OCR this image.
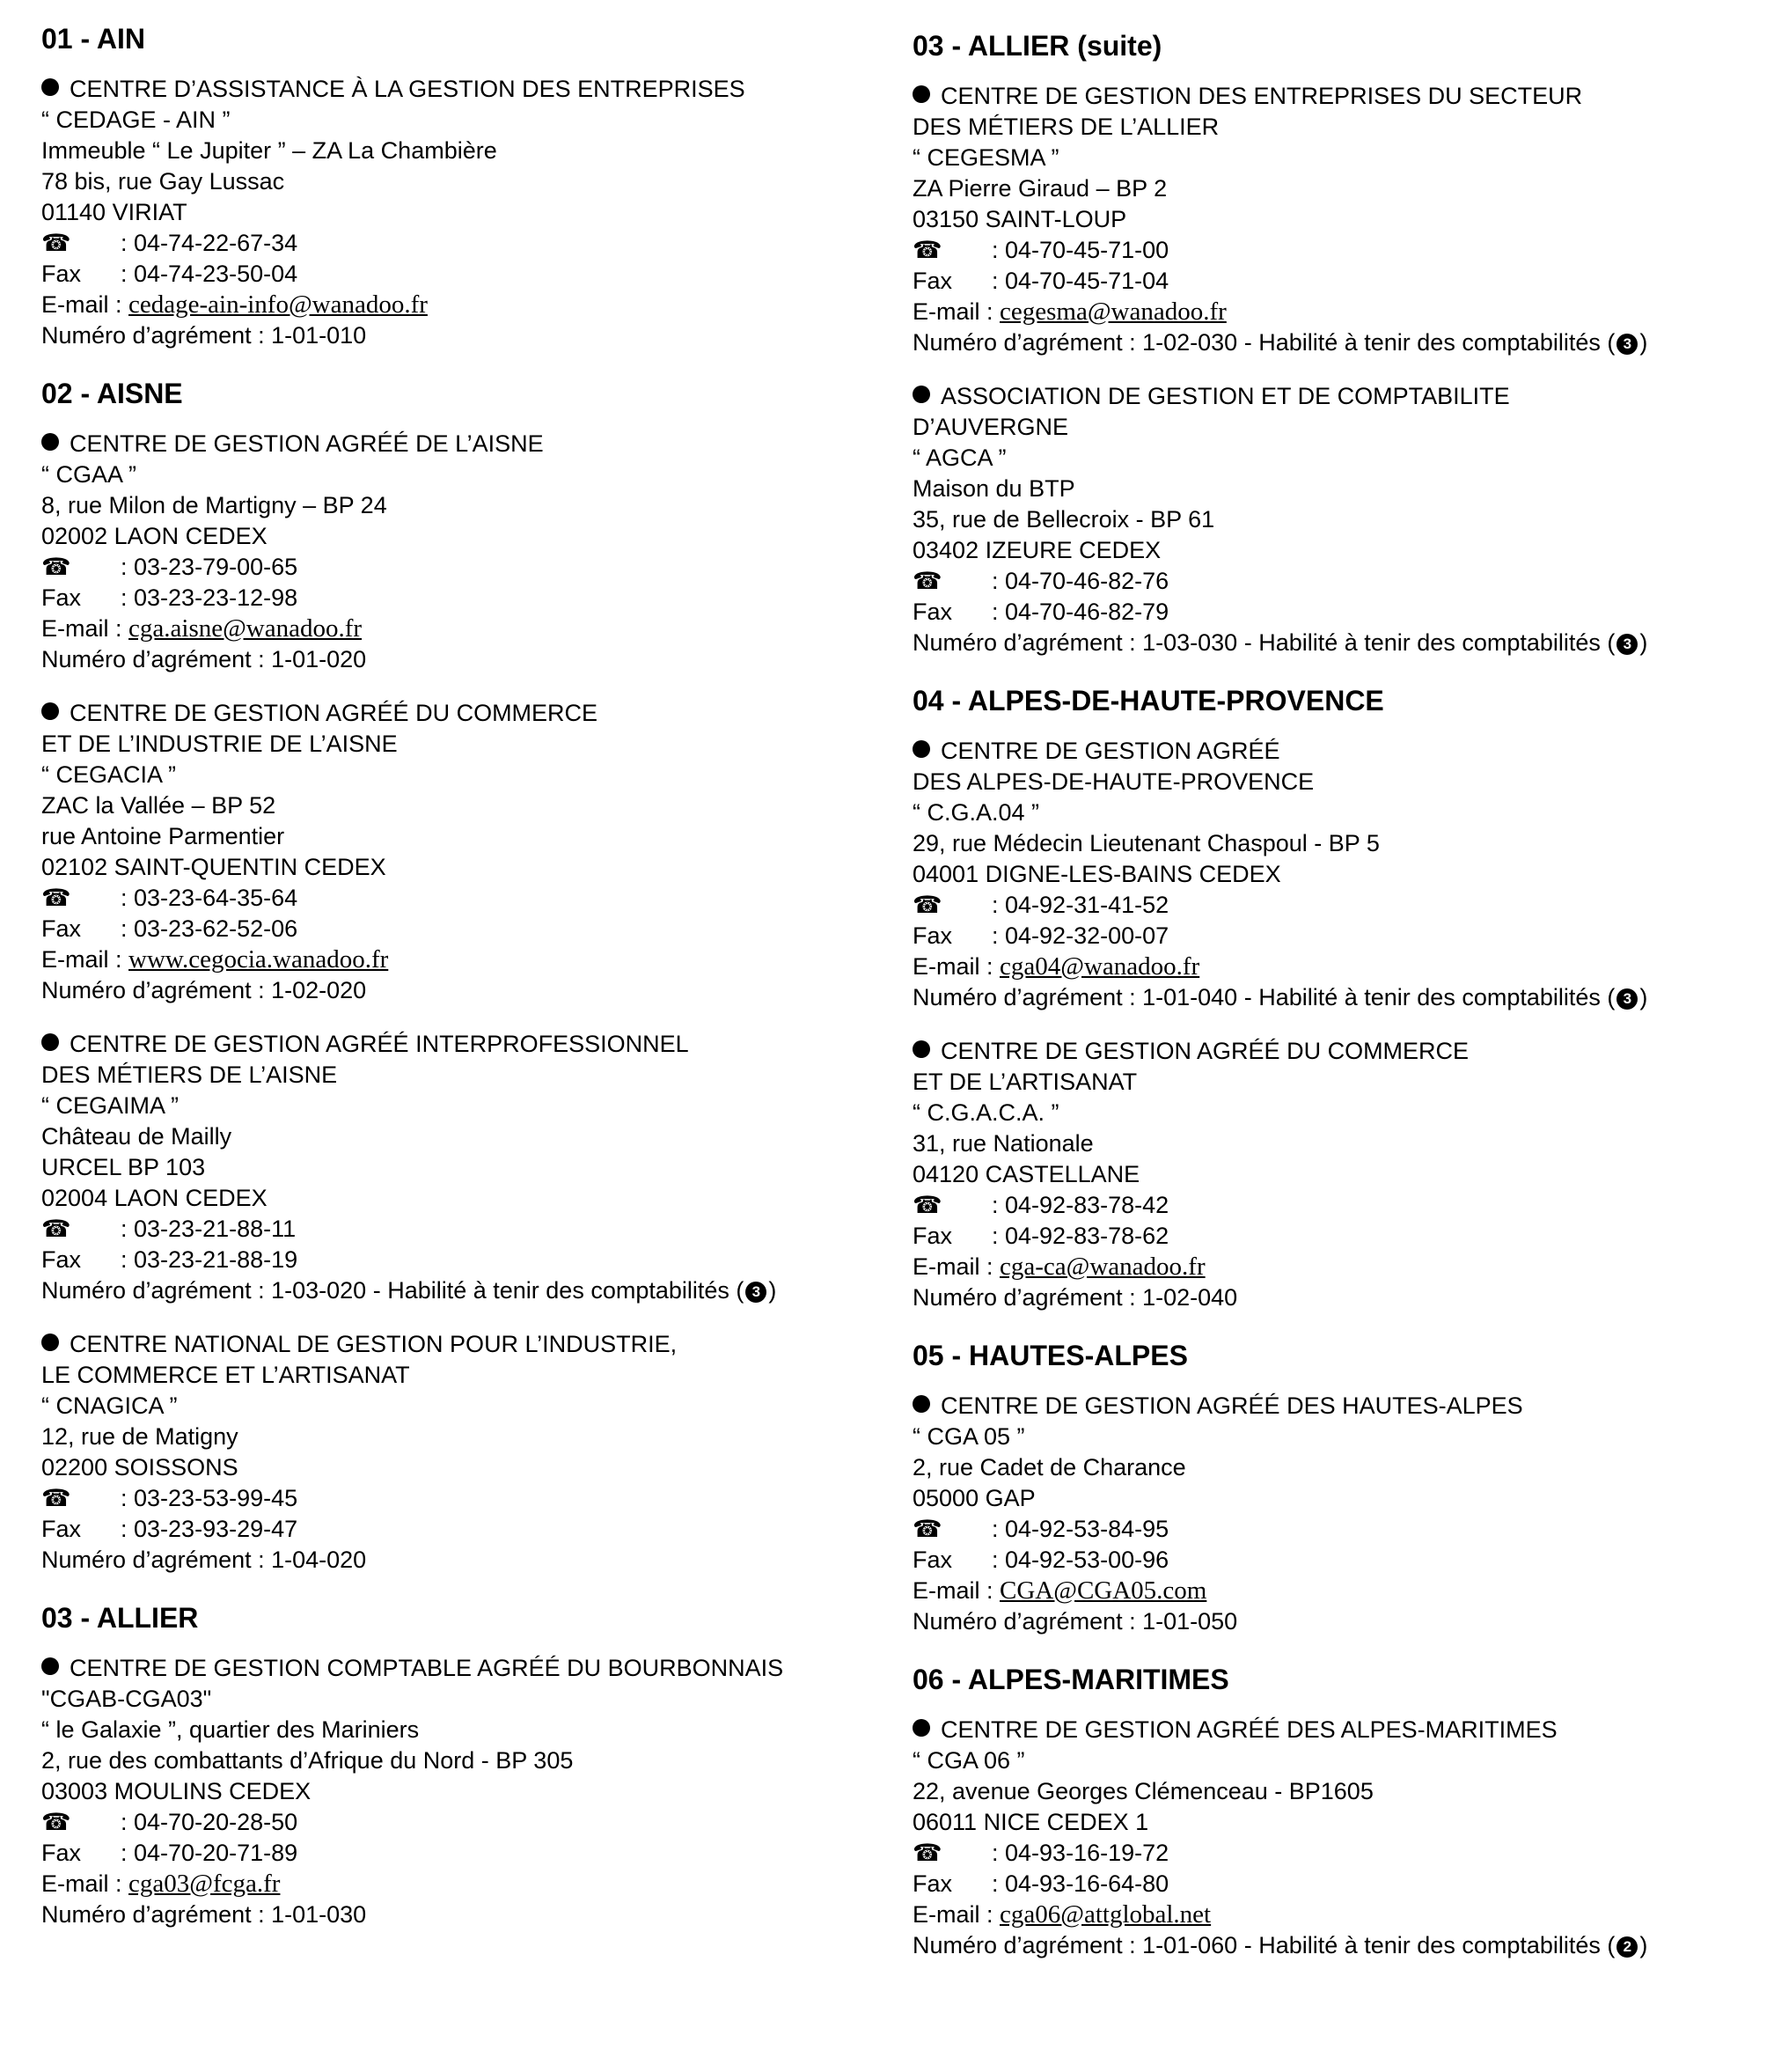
01 - AIN
CENTRE D’ASSISTANCE À LA GESTION DES ENTREPRISES
“ CEDAGE - AIN ”
Immeuble “ Le Jupiter ” – ZA La Chambière
78 bis, rue Gay Lussac
01140 VIRIAT
☎ : 04-74-22-67-34
Fax : 04-74-23-50-04
E-mail : cedage-ain-info@wanadoo.fr
Numéro d’agrément : 1-01-010
02 - AISNE
CENTRE DE GESTION AGRÉÉ DE L’AISNE
“ CGAA ”
8, rue Milon de Martigny – BP 24
02002 LAON CEDEX
☎ : 03-23-79-00-65
Fax : 03-23-23-12-98
E-mail : cga.aisne@wanadoo.fr
Numéro d’agrément : 1-01-020
CENTRE DE GESTION AGRÉÉ DU COMMERCE
ET DE L’INDUSTRIE DE L’AISNE
“ CEGACIA ”
ZAC la Vallée – BP 52
rue Antoine Parmentier
02102 SAINT-QUENTIN CEDEX
☎ : 03-23-64-35-64
Fax : 03-23-62-52-06
E-mail : www.cegocia.wanadoo.fr
Numéro d’agrément : 1-02-020
CENTRE DE GESTION AGRÉÉ INTERPROFESSIONNEL
DES MÉTIERS DE L’AISNE
“ CEGAIMA ”
Château de Mailly
URCEL BP 103
02004 LAON CEDEX
☎ : 03-23-21-88-11
Fax : 03-23-21-88-19
Numéro d’agrément : 1-03-020 - Habilité à tenir des comptabilités ( 3 )
CENTRE NATIONAL DE GESTION POUR L’INDUSTRIE,
LE COMMERCE ET L’ARTISANAT
“ CNAGICA ”
12, rue de Matigny
02200 SOISSONS
☎ : 03-23-53-99-45
Fax : 03-23-93-29-47
Numéro d’agrément : 1-04-020
03 - ALLIER
CENTRE DE GESTION COMPTABLE AGRÉÉ DU BOURBONNAIS
"CGAB-CGA03"
“ le Galaxie ”, quartier des Mariniers
2, rue des combattants d’Afrique du Nord - BP 305
03003 MOULINS CEDEX
☎ : 04-70-20-28-50
Fax : 04-70-20-71-89
E-mail : cga03@fcga.fr
Numéro d’agrément : 1-01-030
03 - ALLIER (suite)
CENTRE DE GESTION DES ENTREPRISES DU SECTEUR
DES MÉTIERS DE L’ALLIER
“ CEGESMA ”
ZA Pierre Giraud – BP 2
03150 SAINT-LOUP
☎ : 04-70-45-71-00
Fax : 04-70-45-71-04
E-mail : cegesma@wanadoo.fr
Numéro d’agrément : 1-02-030 - Habilité à tenir des comptabilités ( 3 )
ASSOCIATION DE GESTION ET DE COMPTABILITE
D’AUVERGNE
“ AGCA ”
Maison du BTP
35, rue de Bellecroix - BP 61
03402 IZEURE CEDEX
☎ : 04-70-46-82-76
Fax : 04-70-46-82-79
Numéro d’agrément : 1-03-030 - Habilité à tenir des comptabilités ( 3 )
04 - ALPES-DE-HAUTE-PROVENCE
CENTRE DE GESTION AGRÉÉ
DES ALPES-DE-HAUTE-PROVENCE
“ C.G.A.04 ”
29, rue Médecin Lieutenant Chaspoul - BP 5
04001 DIGNE-LES-BAINS CEDEX
☎ : 04-92-31-41-52
Fax : 04-92-32-00-07
E-mail : cga04@wanadoo.fr
Numéro d’agrément : 1-01-040 - Habilité à tenir des comptabilités ( 3 )
CENTRE DE GESTION AGRÉÉ DU COMMERCE
ET DE L’ARTISANAT
“ C.G.A.C.A. ”
31, rue Nationale
04120 CASTELLANE
☎ : 04-92-83-78-42
Fax : 04-92-83-78-62
E-mail : cga-ca@wanadoo.fr
Numéro d’agrément : 1-02-040
05 - HAUTES-ALPES
CENTRE DE GESTION AGRÉÉ DES HAUTES-ALPES
“ CGA 05 ”
2, rue Cadet de Charance
05000 GAP
☎ : 04-92-53-84-95
Fax : 04-92-53-00-96
E-mail : CGA@CGA05.com
Numéro d’agrément : 1-01-050
06 - ALPES-MARITIMES
CENTRE DE GESTION AGRÉÉ DES ALPES-MARITIMES
“ CGA 06 ”
22, avenue Georges Clémenceau - BP1605
06011 NICE CEDEX 1
☎ : 04-93-16-19-72
Fax : 04-93-16-64-80
E-mail : cga06@attglobal.net
Numéro d’agrément : 1-01-060 - Habilité à tenir des comptabilités ( 2 )
